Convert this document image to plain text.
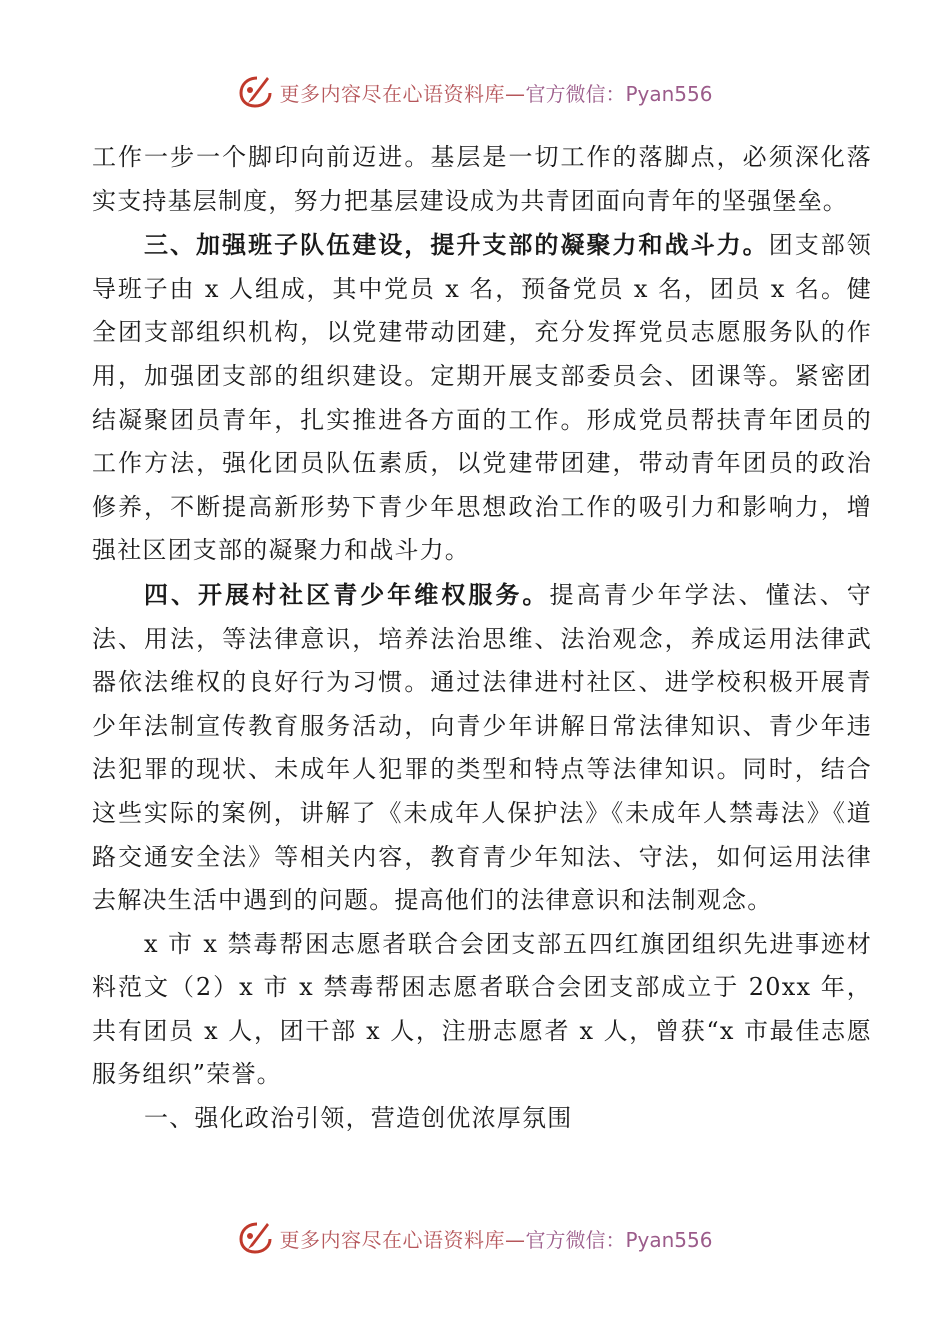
更多内容尽在心语资料库— 官方微信：Pyan556

工作一步一个脚印向前迈进。基层是一切工作的落脚点，必须深化落实支持基层制度，努力把基层建设成为共青团面向青年的坚强堡垒。

三、加强班子队伍建设，提升支部的凝聚力和战斗力。团支部领导班子由 x 人组成，其中党员 x 名，预备党员 x 名，团员 x 名。健全团支部组织机构，以党建带动团建，充分发挥党员志愿服务队的作用，加强团支部的组织建设。定期开展支部委员会、团课等。紧密团结凝聚团员青年，扎实推进各方面的工作。形成党员帮扶青年团员的工作方法，强化团员队伍素质，以党建带团建，带动青年团员的政治修养，不断提高新形势下青少年思想政治工作的吸引力和影响力，增强社区团支部的凝聚力和战斗力。

四、开展村社区青少年维权服务。提高青少年学法、懂法、守法、用法，等法律意识，培养法治思维、法治观念，养成运用法律武器依法维权的良好行为习惯。通过法律进村社区、进学校积极开展青少年法制宣传教育服务活动，向青少年讲解日常法律知识、青少年违法犯罪的现状、未成年人犯罪的类型和特点等法律知识。同时，结合这些实际的案例，讲解了《未成年人保护法》《未成年人禁毒法》《道路交通安全法》等相关内容，教育青少年知法、守法，如何运用法律去解决生活中遇到的问题。提高他们的法律意识和法制观念。

x 市 x 禁毒帮困志愿者联合会团支部五四红旗团组织先进事迹材料范文（2）x 市 x 禁毒帮困志愿者联合会团支部成立于 20xx 年，共有团员 x 人，团干部 x 人，注册志愿者 x 人，曾获“x 市最佳志愿服务组织”荣誉。

一、强化政治引领，营造创优浓厚氛围

更多内容尽在心语资料库— 官方微信：Pyan556
